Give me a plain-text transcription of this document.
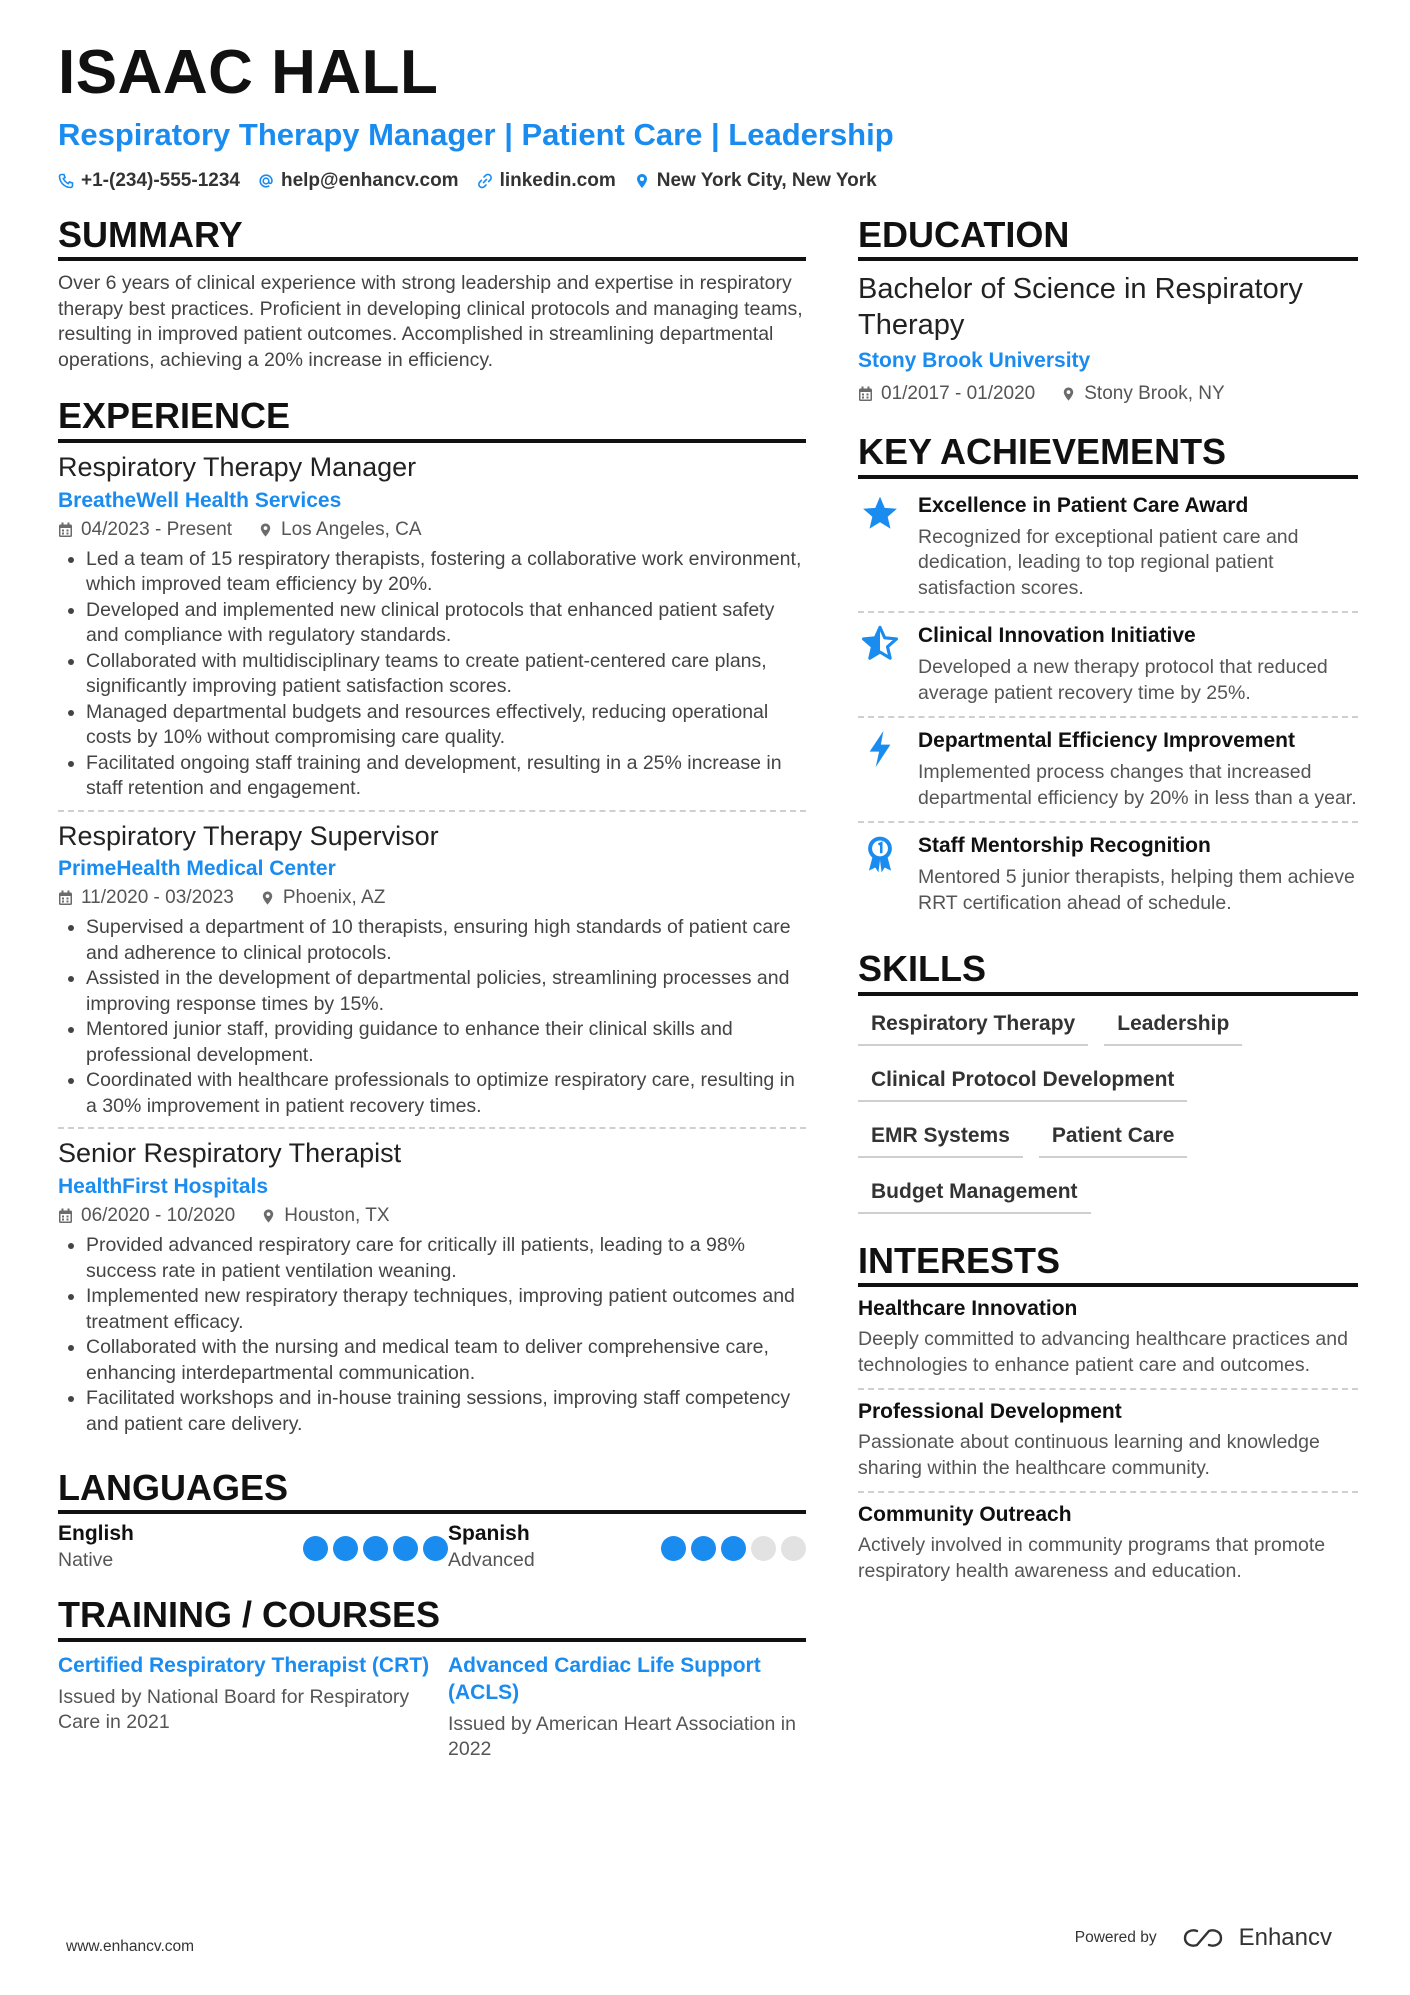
ISAAC HALL
Respiratory Therapy Manager | Patient Care | Leadership
+1-(234)-555-1234 help@enhancv.com linkedin.com New York City, New York
SUMMARY

Over 6 years of clinical experience with strong leadership and expertise in respiratory therapy best practices. Proficient in developing clinical protocols and managing teams, resulting in improved patient outcomes. Accomplished in streamlining departmental operations, achieving a 20% increase in efficiency.

EXPERIENCE
Respiratory Therapy Manager
BreatheWell Health Services
04/2023 - Present	Los Angeles, CA
• Led a team of 15 respiratory therapists, fostering a collaborative work environment, which improved team efficiency by 20%.
• Developed and implemented new clinical protocols that enhanced patient safety and compliance with regulatory standards.
• Collaborated with multidisciplinary teams to create patient-centered care plans, significantly improving patient satisfaction scores.
• Managed departmental budgets and resources effectively, reducing operational costs by 10% without compromising care quality.
• Facilitated ongoing staff training and development, resulting in a 25% increase in staff retention and engagement.
Respiratory Therapy Supervisor
PrimeHealth Medical Center
11/2020 - 03/2023	Phoenix, AZ
• Supervised a department of 10 therapists, ensuring high standards of patient care and adherence to clinical protocols.
• Assisted in the development of departmental policies, streamlining processes and improving response times by 15%.
• Mentored junior staff, providing guidance to enhance their clinical skills and professional development.
• Coordinated with healthcare professionals to optimize respiratory care, resulting in a 30% improvement in patient recovery times.
Senior Respiratory Therapist
HealthFirst Hospitals
06/2020 - 10/2020	Houston, TX
• Provided advanced respiratory care for critically ill patients, leading to a 98% success rate in patient ventilation weaning.
• Implemented new respiratory therapy techniques, improving patient outcomes and treatment efficacy.
• Collaborated with the nursing and medical team to deliver comprehensive care, enhancing interdepartmental communication.
• Facilitated workshops and in-house training sessions, improving staff competency and patient care delivery.
LANGUAGES
English
Native
Spanish
Advanced
TRAINING / COURSES
Certified Respiratory Therapist (CRT)
Issued by National Board for Respiratory Care in 2021
Advanced Cardiac Life Support (ACLS)
Issued by American Heart Association in 2022
EDUCATION
Bachelor of Science in Respiratory Therapy
Stony Brook University
01/2017 - 01/2020	Stony Brook, NY
KEY ACHIEVEMENTS
Excellence in Patient Care Award
Recognized for exceptional patient care and dedication, leading to top regional patient satisfaction scores.
Clinical Innovation Initiative
Developed a new therapy protocol that reduced average patient recovery time by 25%.
Departmental Efficiency Improvement
Implemented process changes that increased departmental efficiency by 20% in less than a year.
Staff Mentorship Recognition
Mentored 5 junior therapists, helping them achieve RRT certification ahead of schedule.
SKILLS
Respiratory Therapy	Leadership
Clinical Protocol Development
EMR Systems	Patient Care
Budget Management
INTERESTS
Healthcare Innovation
Deeply committed to advancing healthcare practices and technologies to enhance patient care and outcomes.
Professional Development
Passionate about continuous learning and knowledge sharing within the healthcare community.
Community Outreach
Actively involved in community programs that promote respiratory health awareness and education.
www.enhancv.com
Powered by	Enhancv
